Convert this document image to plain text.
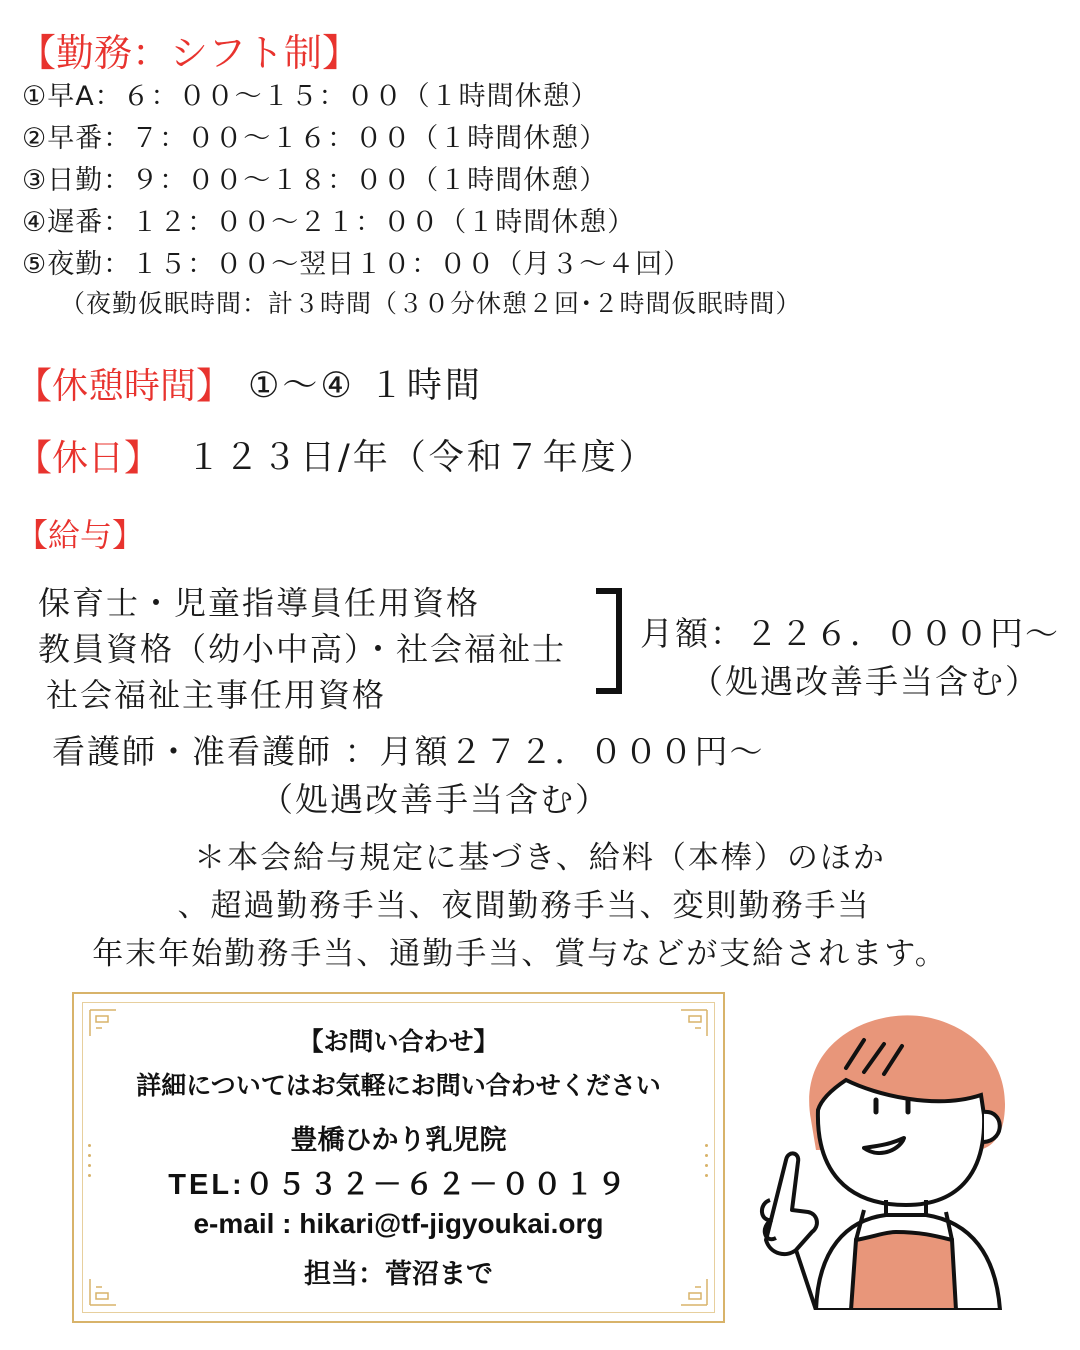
【勤務：シフト制】
①早A：６：００～１５：００（１時間休憩）
②早番：７：００～１６：００（１時間休憩）
③日勤：９：００～１８：００（１時間休憩）
④遅番：１２：００～２１：００（１時間休憩）
⑤夜勤：１５：００～翌日１０：００（月３～４回）
（夜勤仮眠時間：計３時間（３０分休憩２回･２時間仮眠時間）
【休憩時間】 ①～④ １時間
【休日】 １２３日/年（令和７年度）
【給与】
保育士・児童指導員任用資格
教員資格（幼小中高）・社会福祉士
社会福祉主事任用資格
月額：２２６．０００円～
（処遇改善手当含む）
看護師・准看護師 ：月額２７２．０００円～
（処遇改善手当含む）
＊本会給与規定に基づき、給料（本棒）のほか
、超過勤務手当、夜間勤務手当、変則勤務手当
年末年始勤務手当、通勤手当、賞与などが支給されます。
【お問い合わせ】
詳細についてはお気軽にお問い合わせください
豊橋ひかり乳児院
TEL:０５３２－６２－００１９
e-mail : hikari@tf-jigyoukai.org
担当：菅沼まで
